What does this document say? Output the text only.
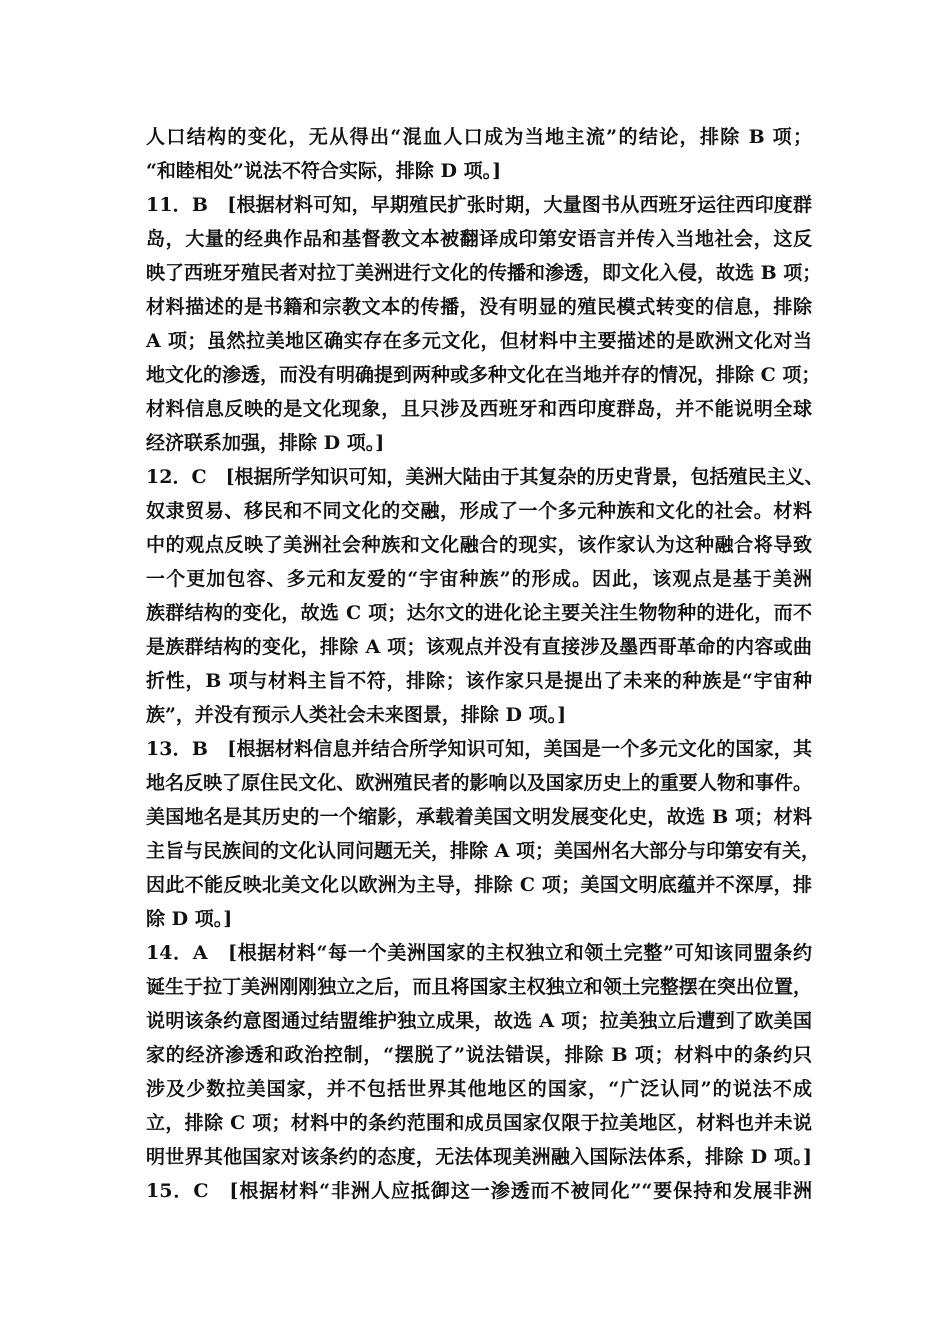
人口结构的变化，无从得出“混血人口成为当地主流”的结论，排除 B 项；
“和睦相处”说法不符合实际，排除 D 项。]
11．B　[根据材料可知，早期殖民扩张时期，大量图书从西班牙运往西印度群
岛，大量的经典作品和基督教文本被翻译成印第安语言并传入当地社会，这反
映了西班牙殖民者对拉丁美洲进行文化的传播和渗透，即文化入侵，故选 B 项；
材料描述的是书籍和宗教文本的传播，没有明显的殖民模式转变的信息，排除
A 项；虽然拉美地区确实存在多元文化，但材料中主要描述的是欧洲文化对当
地文化的渗透，而没有明确提到两种或多种文化在当地并存的情况，排除 C 项；
材料信息反映的是文化现象，且只涉及西班牙和西印度群岛，并不能说明全球
经济联系加强，排除 D 项。]
12．C　[根据所学知识可知，美洲大陆由于其复杂的历史背景，包括殖民主义、
奴隶贸易、移民和不同文化的交融，形成了一个多元种族和文化的社会。材料
中的观点反映了美洲社会种族和文化融合的现实，该作家认为这种融合将导致
一个更加包容、多元和友爱的“宇宙种族”的形成。因此，该观点是基于美洲
族群结构的变化，故选 C 项；达尔文的进化论主要关注生物物种的进化，而不
是族群结构的变化，排除 A 项；该观点并没有直接涉及墨西哥革命的内容或曲
折性，B 项与材料主旨不符，排除；该作家只是提出了未来的种族是“宇宙种
族”，并没有预示人类社会未来图景，排除 D 项。]
13．B　[根据材料信息并结合所学知识可知，美国是一个多元文化的国家，其
地名反映了原住民文化、欧洲殖民者的影响以及国家历史上的重要人物和事件。
美国地名是其历史的一个缩影，承载着美国文明发展变化史，故选 B 项；材料
主旨与民族间的文化认同问题无关，排除 A 项；美国州名大部分与印第安有关，
因此不能反映北美文化以欧洲为主导，排除 C 项；美国文明底蕴并不深厚，排
除 D 项。]
14．A　[根据材料“每一个美洲国家的主权独立和领土完整”可知该同盟条约
诞生于拉丁美洲刚刚独立之后，而且将国家主权独立和领土完整摆在突出位置，
说明该条约意图通过结盟维护独立成果，故选 A 项；拉美独立后遭到了欧美国
家的经济渗透和政治控制，“摆脱了”说法错误，排除 B 项；材料中的条约只
涉及少数拉美国家，并不包括世界其他地区的国家，“广泛认同”的说法不成
立，排除 C 项；材料中的条约范围和成员国家仅限于拉美地区，材料也并未说
明世界其他国家对该条约的态度，无法体现美洲融入国际法体系，排除 D 项。]
15．C　[根据材料“非洲人应抵御这一渗透而不被同化”“要保持和发展非洲
